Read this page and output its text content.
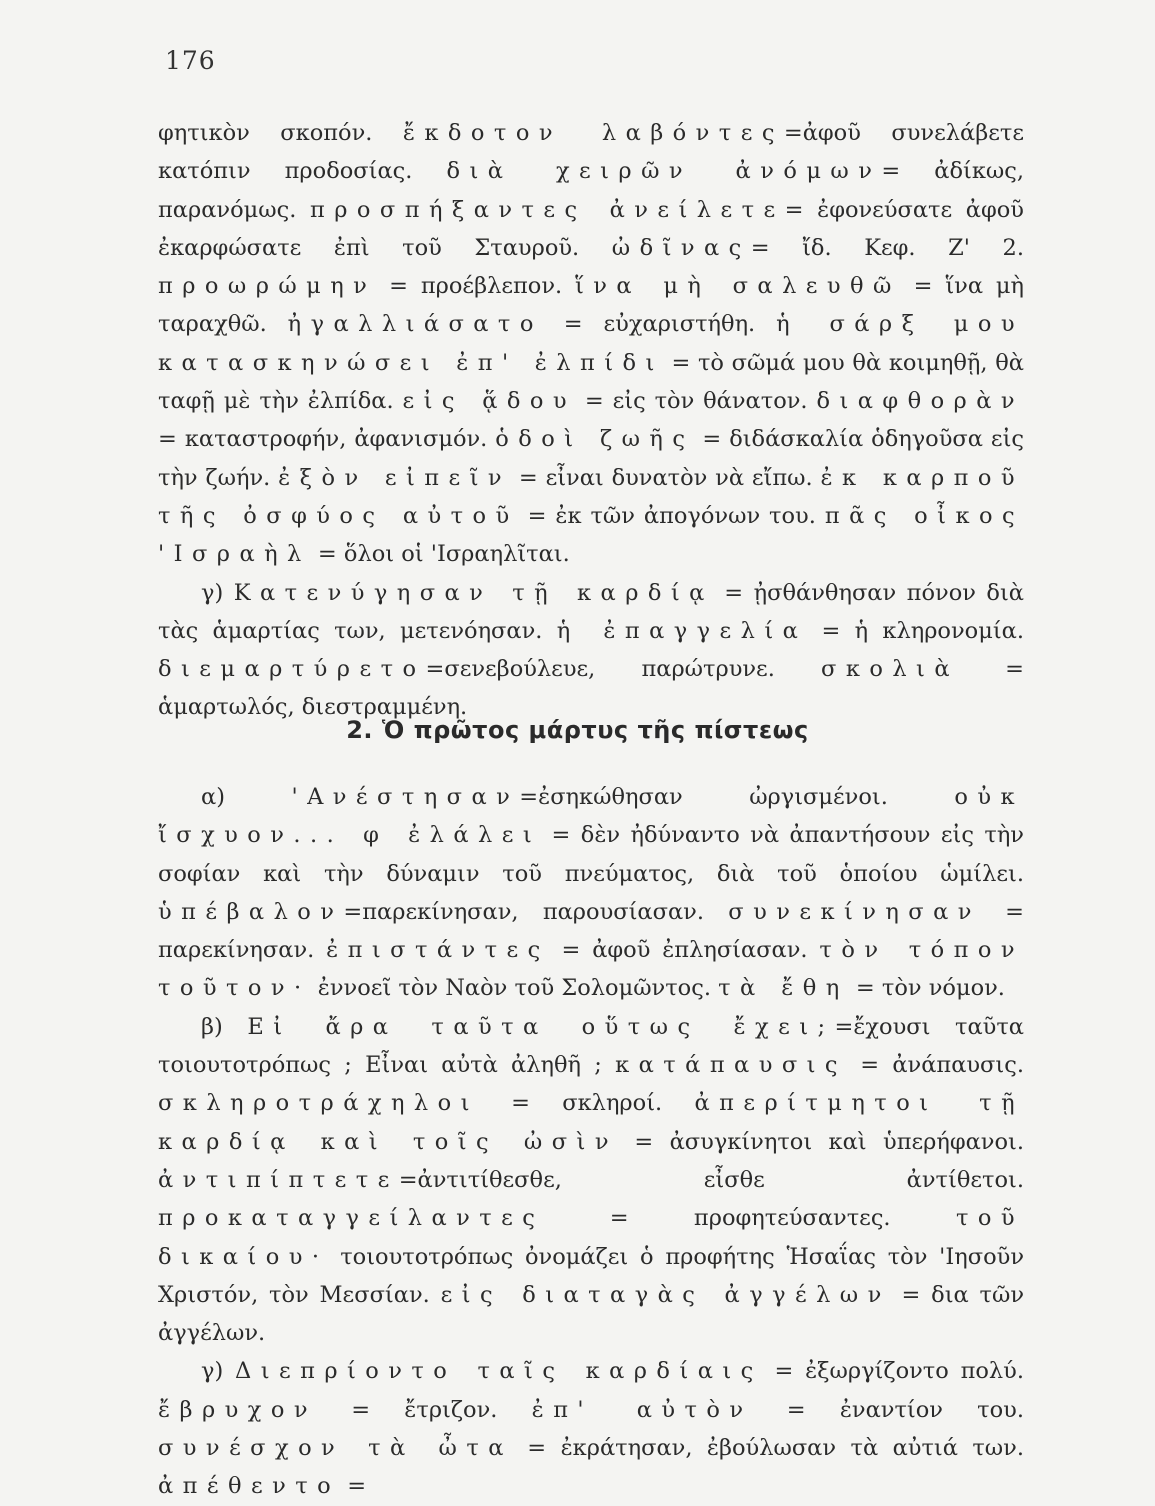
176

φητικὸν σκοπόν. ἔκδοτον λαβόντες=ἀφοῦ συνελάβετε κατόπιν προδοσίας. διὰ χειρῶν ἀνόμων= ἀδίκως, παρανόμως. προσπήξαντες ἀνείλετε= ἐφονεύσατε ἀφοῦ ἐκαρφώσατε ἐπὶ τοῦ Σταυροῦ. ὠδῖνας= ἴδ. Κεφ. Ζ' 2. προωρώμην = προέβλεπον. ἵνα μὴ σαλευθῶ = ἵνα μὴ ταραχθῶ. ἠγαλλιάσατο = εὐχαριστήθη. ἡ σάρξ μου κατασκηνώσει ἐπ' ἐλπίδι = τὸ σῶμά μου θὰ κοιμηθῇ, θὰ ταφῇ μὲ τὴν ἐλπίδα. εἰς ᾅδου = εἰς τὸν θάνατον. διαφθορὰν = καταστροφήν, ἀφανισμόν. ὁδοὶ ζωῆς = διδάσκαλία ὁδηγοῦσα εἰς τὴν ζωήν. ἐξὸν εἰπεῖν = εἶναι δυνατὸν νὰ εἴπω. ἐκ καρποῦ τῆς ὀσφύος αὐτοῦ = ἐκ τῶν ἀπογόνων του. πᾶς οἶκος 'Ισραὴλ = ὅλοι οἱ 'Ισραηλῖται.

γ) Κατενύγησαν τῇ καρδίᾳ = ᾐσθάνθησαν πόνον διὰ τὰς ἁμαρτίας των, μετενόησαν. ἡ ἐπαγγελία = ἡ κληρονομία. διεμαρτύρετο=σενεβούλευε, παρώτρυνε. σκολιὰ = ἁμαρτωλός, διεστραμμένη.

2. Ὁ πρῶτος μάρτυς τῆς πίστεως

α) 'Ανέστησαν=ἐσηκώθησαν ὠργισμένοι. οὐκ ἴσχυον... φ ἐλάλει = δὲν ἠδύναντο νὰ ἀπαντήσουν εἰς τὴν σοφίαν καὶ τὴν δύναμιν τοῦ πνεύματος, διὰ τοῦ ὁποίου ὡμίλει. ὑπέβαλον=παρεκίνησαν, παρουσίασαν. συνεκίνησαν = παρεκίνησαν. ἐπιστάντες = ἀφοῦ ἐπλησίασαν. τὸν τόπον τοῦτον· ἐννοεῖ τὸν Ναὸν τοῦ Σολομῶντος. τὰ ἔθη = τὸν νόμον.

β) Εἰ ἄρα ταῦτα οὕτως ἔχει;=ἔχουσι ταῦτα τοιουτοτρόπως ; Εἶναι αὐτὰ ἀληθῆ ; κατάπαυσις = ἀνάπαυσις. σκληροτράχηλοι = σκληροί. ἀπερίτμητοι τῇ καρδίᾳ καὶ τοῖς ὠσὶν = ἀσυγκίνητοι καὶ ὑπερήφανοι. ἀντιπίπτετε=ἀντιτίθεσθε, εἶσθε ἀντίθετοι. προκαταγγείλαντες = προφητεύσαντες. τοῦ δικαίου· τοιουτοτρόπως ὀνομάζει ὁ προφήτης Ἡσαΐας τὸν 'Ιησοῦν Χριστόν, τὸν Μεσσίαν. εἰς διαταγὰς ἀγγέλων = δια τῶν ἀγγέλων.

γ) Διεπρίοντο ταῖς καρδίαις = ἐξωργίζοντο πολύ. ἔβρυχον = ἔτριζον. ἐπ' αὐτὸν = ἐναντίον του. συνέσχον τὰ ὦτα = ἐκράτησαν, ἐβούλωσαν τὰ αὐτιά των. ἀπέθεντο =
